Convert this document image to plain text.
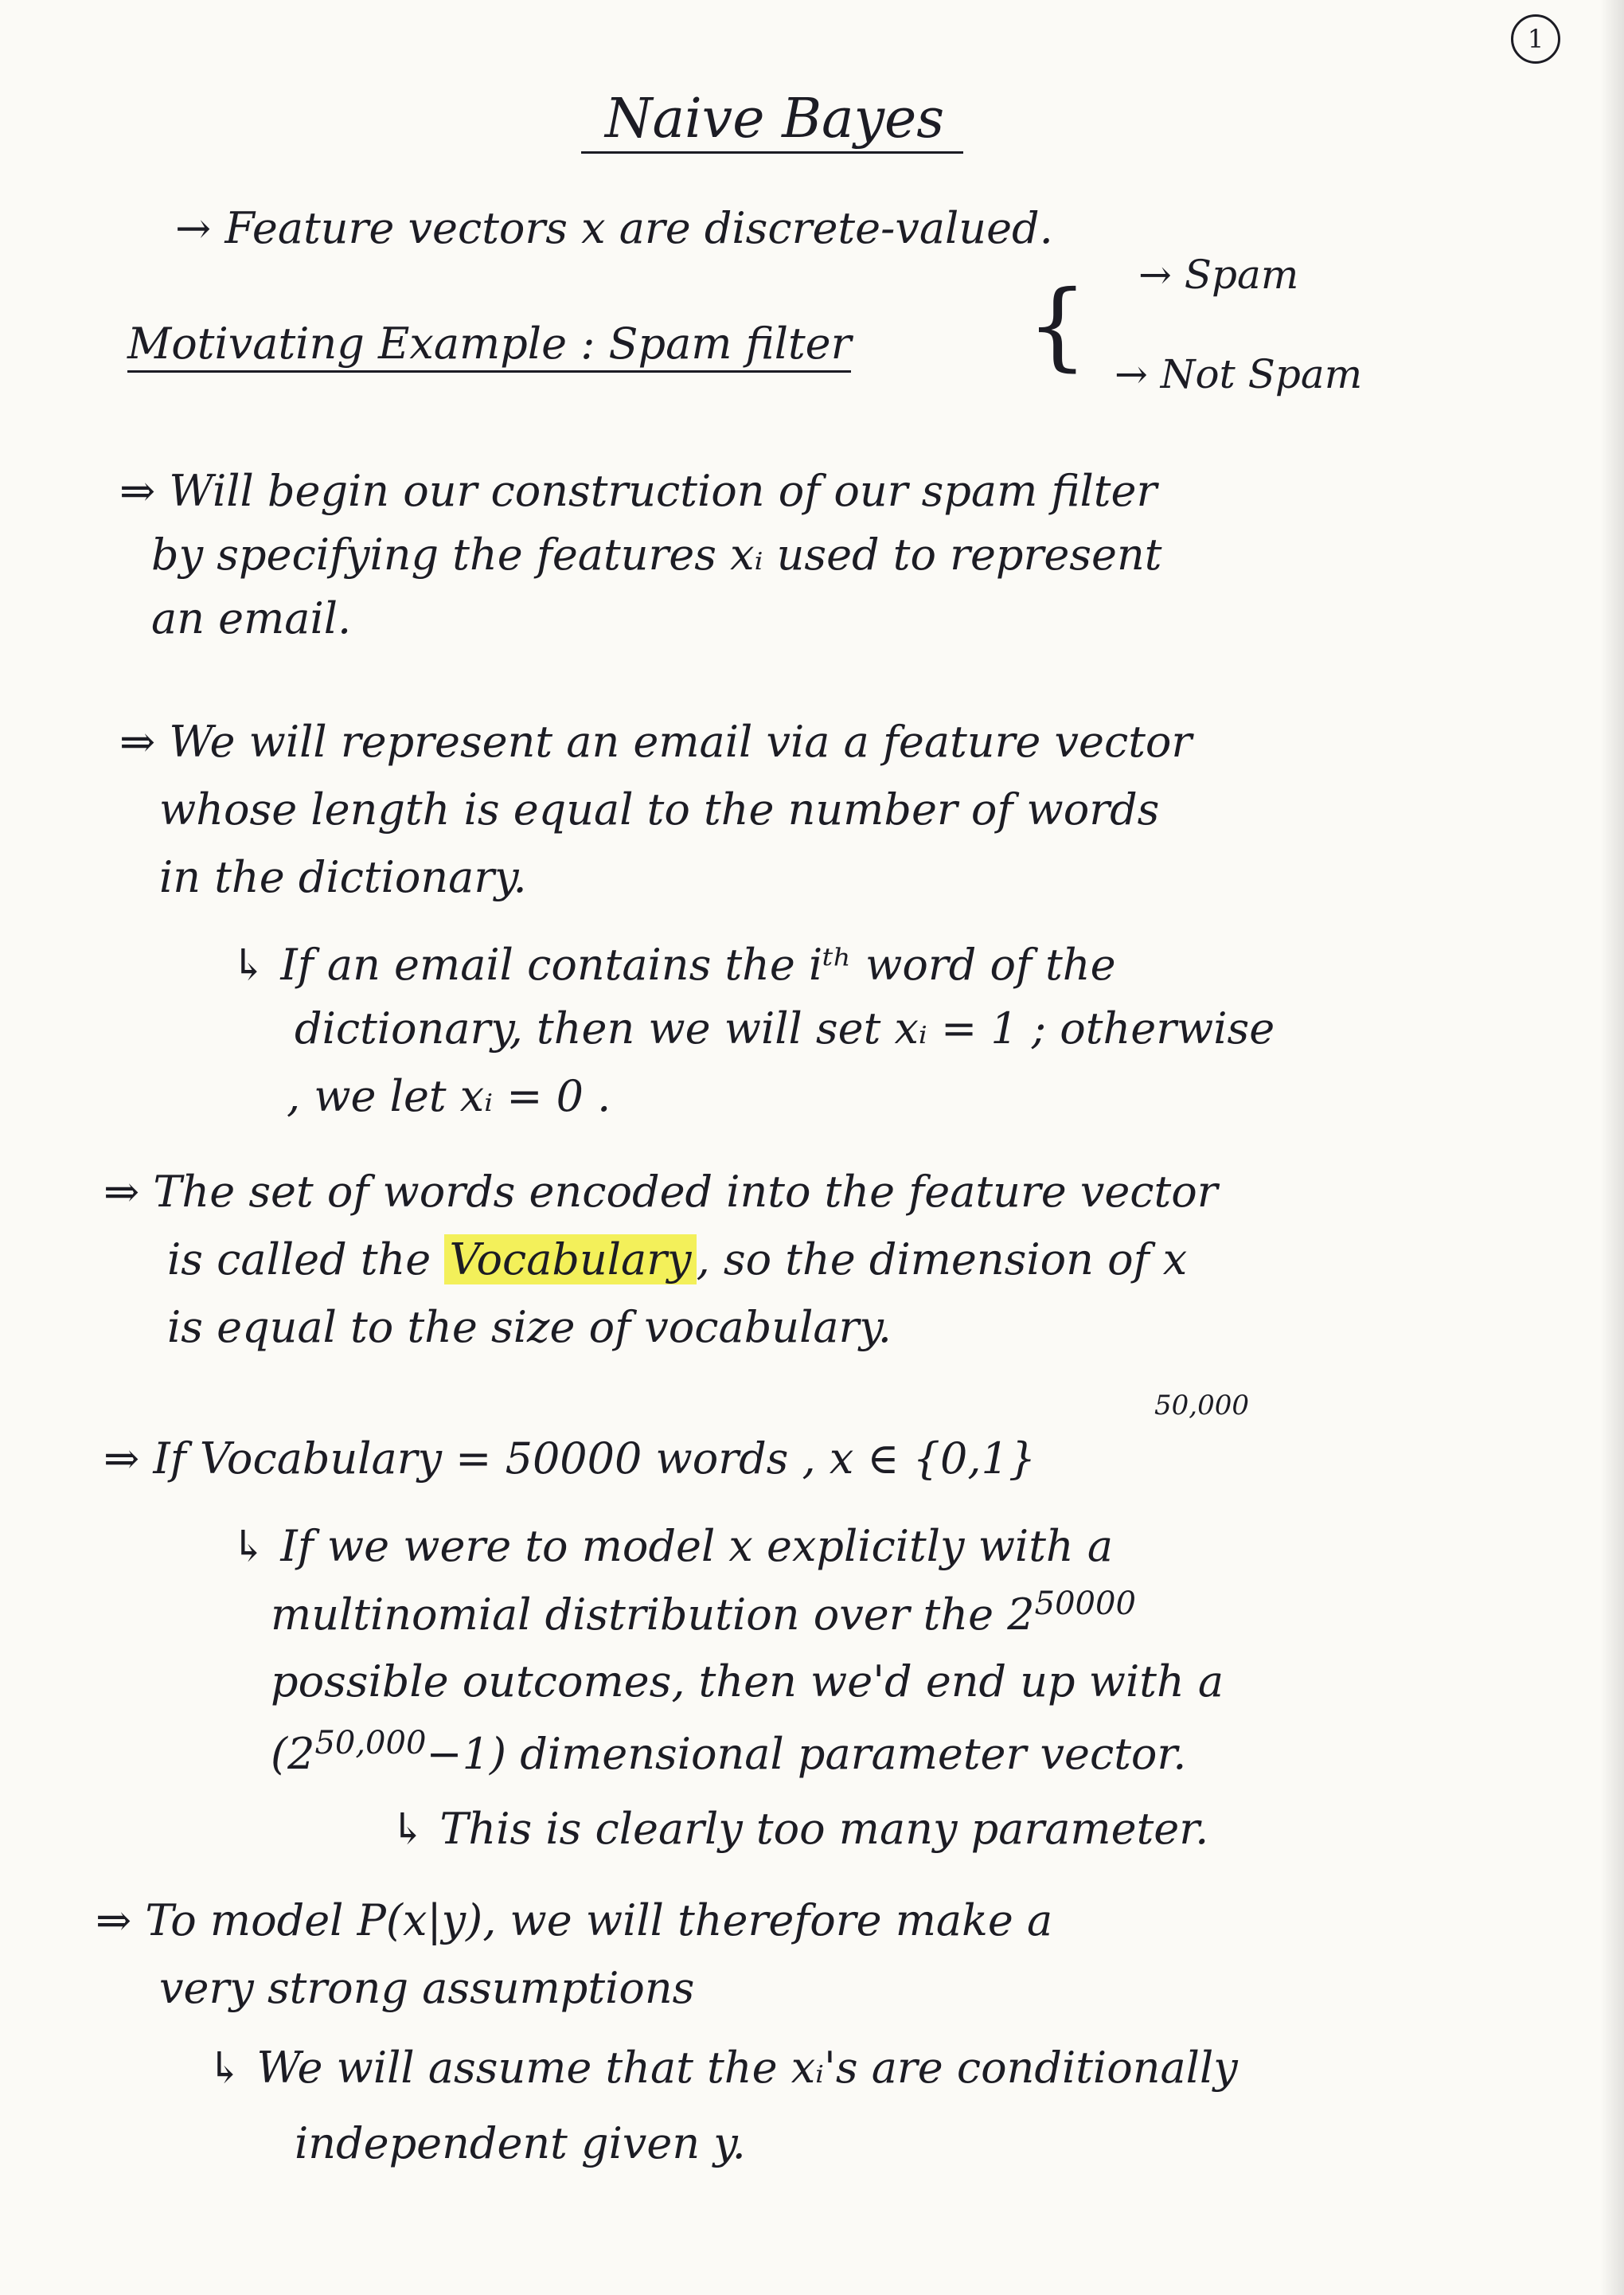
1
Naive Bayes
→ Feature vectors x are discrete-valued.
→ Spam
Motivating Example : Spam filter { → Not Spam
⇒ Will begin our construction of our spam filter
by specifying the features xᵢ used to represent
an email.
⇒ We will represent an email via a feature vector
whose length is equal to the number of words
in the dictionary.
↳ If an email contains the iᵗʰ word of the
dictionary, then we will set xᵢ = 1 ; otherwise
, we let xᵢ = 0 .
⇒ The set of words encoded into the feature vector
is called the Vocabulary , so the dimension of x
is equal to the size of vocabulary.
50,000
⇒ If Vocabulary = 50000 words , x ∈ {0,1}
↳ If we were to model x explicitly with a
multinomial distribution over the $2^{50000}$
possible outcomes, then we'd end up with a
$(2^{50,000}-1)$ dimensional parameter vector.
↳ This is clearly too many parameter.
⇒ To model P(x|y), we will therefore make a
very strong assumptions
↳ We will assume that the xᵢ's are conditionally
independent given y.
